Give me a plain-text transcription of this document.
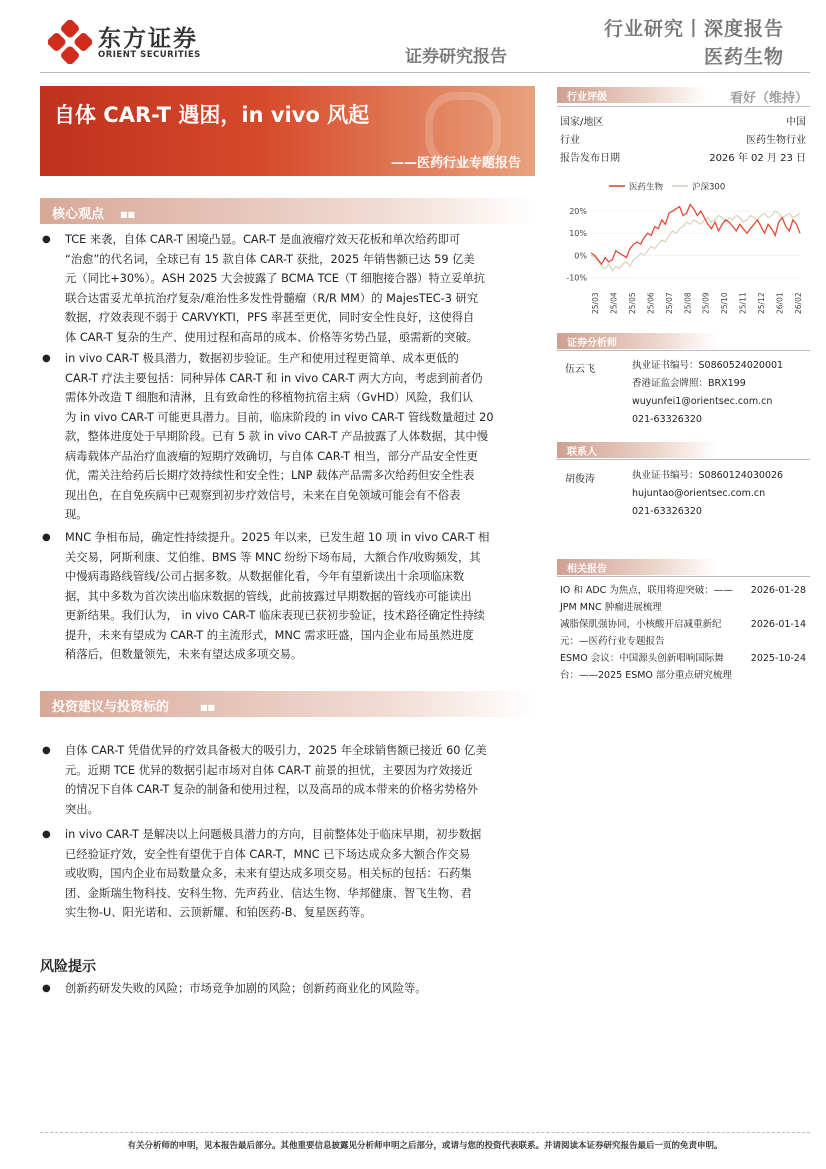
东方证券
ORIENT SECURITIES
行业研究丨深度报告
证券研究报告	医药生物
自体 CAR-T 遇困，in vivo 风起
——医药行业专题报告
行业评级	看好（维持）
国家/地区	中国
行业	医药生物行业
报告发布日期	2026 年 02 月 23 日
医药生物	沪深300
20%
10%
0%
-10%
25/03 25/04 25/05 25/06 25/07 25/08 25/09 25/10 25/11 25/12 26/01 26/02
证券分析师
伍云飞	执业证书编号：S0860524020001
香港证监会牌照：BRX199
wuyunfei1@orientsec.com.cn
021-63326320
联系人
胡俊涛	执业证书编号：S0860124030026
hujuntao@orientsec.com.cn
021-63326320
相关报告
IO 和 ADC 为焦点，联用将迎突破：—— 2026-01-28
JPM MNC 肿瘤进展梳理
减脂保肌强协同，小核酸开启减重新纪	2026-01-14
元：—医药行业专题报告
ESMO 会议：中国源头创新唱响国际舞	2025-10-24
台：——2025 ESMO 部分重点研究梳理
核心观点 ■■
● TCE 来袭，自体 CAR-T 困境凸显。CAR-T 是血液瘤疗效天花板和单次给药即可
“治愈”的代名词，全球已有 15 款自体 CAR-T 获批，2025 年销售额已达 59 亿美
元（同比+30%）。ASH 2025 大会披露了 BCMA TCE（T 细胞接合器）特立妥单抗
联合达雷妥尤单抗治疗复杂/难治性多发性骨髓瘤（R/R MM）的 MajesTEC-3 研究
数据，疗效表现不弱于 CARVYKTI，PFS 率甚至更优，同时安全性良好，这使得自
体 CAR-T 复杂的生产、使用过程和高昂的成本、价格等劣势凸显，亟需新的突破。
● in vivo CAR-T 极具潜力，数据初步验证。生产和使用过程更简单、成本更低的
CAR-T 疗法主要包括：同种异体 CAR-T 和 in vivo CAR-T 两大方向，考虑到前者仍
需体外改造 T 细胞和清淋，且有致命性的移植物抗宿主病（GvHD）风险，我们认
为 in vivo CAR-T 可能更具潜力。目前，临床阶段的 in vivo CAR-T 管线数量超过 20
款，整体进度处于早期阶段。已有 5 款 in vivo CAR-T 产品披露了人体数据，其中慢
病毒载体产品治疗血液瘤的短期疗效确切，与自体 CAR-T 相当，部分产品安全性更
优，需关注给药后长期疗效持续性和安全性；LNP 载体产品需多次给药但安全性表
现出色，在自免疾病中已观察到初步疗效信号，未来在自免领域可能会有不俗表
现。
● MNC 争相布局，确定性持续提升。2025 年以来，已发生超 10 项 in vivo CAR-T 相
关交易，阿斯利康、艾伯维、BMS 等 MNC 纷纷下场布局，大额合作/收购频发，其
中慢病毒路线管线/公司占据多数。从数据催化看，今年有望新读出十余项临床数
据，其中多数为首次读出临床数据的管线，此前披露过早期数据的管线亦可能读出
更新结果。我们认为， in vivo CAR-T 临床表现已获初步验证，技术路径确定性持续
提升，未来有望成为 CAR-T 的主流形式，MNC 需求旺盛，国内企业布局虽然进度
稍落后，但数量领先，未来有望达成多项交易。
投资建议与投资标的	■■
● 自体 CAR-T 凭借优异的疗效具备极大的吸引力，2025 年全球销售额已接近 60 亿美
元。近期 TCE 优异的数据引起市场对自体 CAR-T 前景的担忧，主要因为疗效接近
的情况下自体 CAR-T 复杂的制备和使用过程，以及高昂的成本带来的价格劣势格外
突出。
● in vivo CAR-T 是解决以上问题极具潜力的方向，目前整体处于临床早期，初步数据
已经验证疗效，安全性有望优于自体 CAR-T，MNC 已下场达成众多大额合作交易
或收购，国内企业布局数量众多，未来有望达成多项交易。相关标的包括：石药集
团、金斯瑞生物科技、安科生物、先声药业、信达生物、华邦健康、智飞生物、君
实生物-U、阳光诺和、云顶新耀、和铂医药-B、复星医药等。
风险提示
● 创新药研发失败的风险；市场竞争加剧的风险；创新药商业化的风险等。
有关分析师的申明，见本报告最后部分。其他重要信息披露见分析师申明之后部分，或请与您的投资代表联系。并请阅读本证券研究报告最后一页的免责申明。
